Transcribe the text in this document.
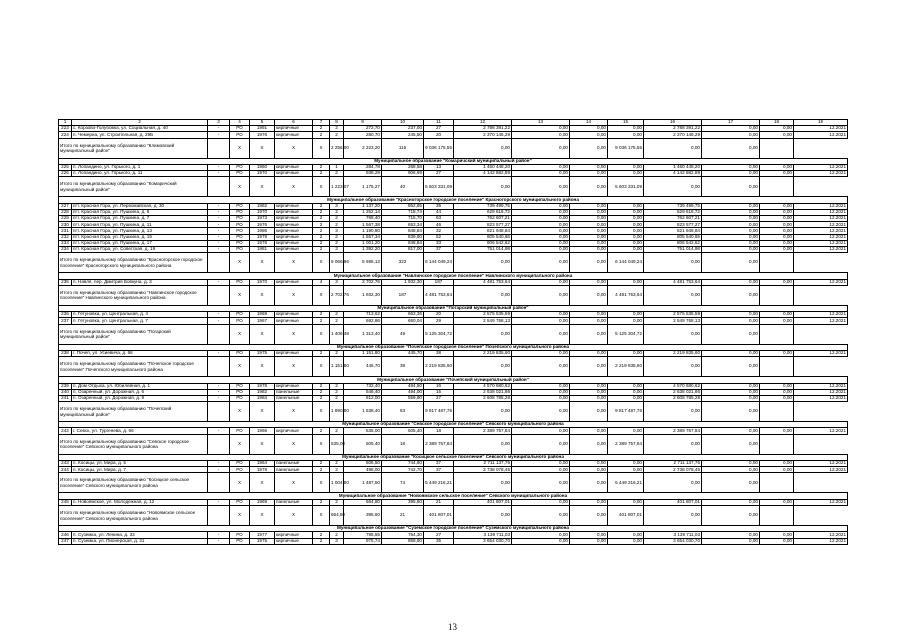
1	2	3	4	5	6	7	8	9	10	11	12	13	14	15	16	17	18	19
223	с. Корзово-Голубовка, ул. Социальная, д. 40	-	РО	1991	кирпичные	2	2	272,70	237,00	27	2 788 391,22	0,00	0,00	0,00	2 788 391,22	0,00	0,00	12.2021
224	п. Чемерна, ул. Строительная, д. 29Б	-	РО	1976	кирпичные	2	2	280,70	245,50	20	2 370 146,29	0,00	0,00	0,00	2 370 146,29	0,00	0,00	12.2021
Итого по муниципальному образованию "Климовский муниципальный район"			Х	Х	Х	Х	2 256,00	2 223,20	115	9 036 175,55	0,00	0,00	0,00	9 036 175,55	0,00	0,00		
Муниципальное образование "Комаричский муниципальный район"																		
225	п. Лопандино, ул. Горького, д. 1	-	РО	1960	кирпичные	2	1	284,78	268,58	13	1 460 448,20	0,00	0,00	0,00	1 460 448,20	0,00	0,00	12.2021
226	п. Лопандино, ул. Горького, д. 11	-	РО	1970	кирпичные	2	2	938,29	906,69	27	4 142 882,89	0,00	0,00	0,00	4 142 882,89	0,00	0,00	12.2021
Итого по муниципальному образованию "Комаричский муниципальный район"			Х	Х	Х	Х	1 223,07	1 175,27	40	5 603 331,09	0,00	0,00	0,00	5 603 331,09	0,00	0,00		
Муниципальное образование "Красногорское городское поселение" Красногорского муниципального района																		
227	пгт. Красная Гора, ул. Первомайская, д. 30	-	РО	1982	кирпичные	2	3	1 137,20	852,65	35	739 499,75	0,00	0,00	0,00	739 499,75	0,00	0,00	12.2021
228	пгт. Красная Гора, ул. Пушкина, д. 6	-	РО	1970	кирпичные	2	2	1 252,14	718,74	44	629 616,72	0,00	0,00	0,00	629 616,72	0,00	0,00	12.2021
229	пгт. Красная Гора, ул. Пушкина, д. 7	-	РО	1973	кирпичные	2	2	768,40	715,70	63	762 607,21	0,00	0,00	0,00	762 607,21	0,00	0,00	12.2021
230	пгт. Красная Гора, ул. Пушкина, д. 11	-	РО	1976	кирпичные	2	2	1 567,38	653,34	46	823 577,27	0,00	0,00	0,00	823 577,27	0,00	0,00	12.2021
231	пгт. Красная Гора, ул. Пушкина, д. 13	-	РО	1986	кирпичные	2	3	1 190,80	848,84	32	821 948,84	0,00	0,00	0,00	821 948,84	0,00	0,00	12.2021
232	пгт. Красная Гора, ул. Пушкина, д. 15	-	РО	1979	кирпичные	2	2	1 557,34	839,90	52	805 540,65	0,00	0,00	0,00	805 540,65	0,00	0,00	12.2021
233	пгт. Красная Гора, ул. Пушкина, д. 17	-	РО	1976	кирпичные	2	2	1 001,20	848,84	33	806 542,62	0,00	0,00	0,00	806 542,62	0,00	0,00	12.2021
234	пгт. Красная Гора, ул. Советская, д. 19	-	РО	1981	кирпичные	2	3	1 392,20	817,00	37	751 014,98	0,00	0,00	0,00	751 014,98	0,00	0,00	12.2021
Итого по муниципальному образованию "Красногорское городское поселение" Красногорского муниципального района			Х	Х	Х	Х	9 066,96	5 695,13	322	6 144 049,24	0,00	0,00	0,00	6 144 049,24	0,00	0,00		
Муниципальное образование "Навлинское городское поселение" Навлинского муниципального района																		
235	п. Навля, пер. Дмитрия Бовкуна, д. 3	-	РО	1970	кирпичные	4	3	2 702,76	1 932,30	187	4 481 753,64	0,00	0,00	0,00	4 481 753,64	0,00	0,00	12.2021
Итого по муниципальному образованию "Навлинское городское поселение" Навлинского муниципального района			Х	Х	Х	Х	2 702,76	1 932,30	187	4 481 753,64	0,00	0,00	0,00	4 481 753,64	0,00	0,00		
Муниципальное образование "Погарский муниципальный район"																		
236	п. Гетуновка, ул. Центральная, д. 4	-	РО	1969	кирпичные	2	2	713,62	663,36	20	2 575 535,59	0,00	0,00	0,00	2 575 535,59	0,00	0,00	12.2021
237	п. Гетуновка, ул. Центральная, д. 7	-	РО	1967	кирпичные	2	2	692,86	650,04	29	2 549 768,13	0,00	0,00	0,00	2 549 768,13	0,00	0,00	12.2021
Итого по муниципальному образованию "Погарский муниципальный район"			Х	Х	Х	Х	1 406,48	1 313,40	49	5 125 304,72	0,00	0,00	0,00	5 125 304,72	0,00	0,00		
Муниципальное образование "Почепское городское поселение" Почепского муниципального района																		
238	г. Почеп, ул. Усиевича, д. 66	-	РО	1975	кирпичные	2	2	1 151,80	445,70	38	2 219 835,60	0,00	0,00	0,00	2 219 835,60	0,00	0,00	12.2021
Итого по муниципальному образованию "Почепское городское поселение" Почепского муниципального района			Х	Х	Х	Х	1 151,80	445,70	38	2 219 835,60	0,00	0,00	0,00	2 219 835,60	0,00	0,00		
Муниципальное образование "Почепский муниципальный район"																		
239	п. Дом Отдыха, ул. Юбилейная, д. 1	-	РО	1978	кирпичные	2	2	732,40	484,50	16	4 570 680,62	0,00	0,00	0,00	4 570 680,62	0,00	0,00	12.2021
240	п. Озаренный, ул. Дорожная, д. 6	-	РО	1982	панельные	2	2	546,40	494,00	15	2 638 021,86	0,00	0,00	0,00	2 638 021,86	0,00	0,00	12.2021
241	п. Озаренный, ул. Дорожная, д. 9	-	РО	1984	панельные	2	2	612,00	559,90	27	2 608 785,28	0,00	0,00	0,00	2 608 785,28	0,00	0,00	12.2021
Итого по муниципальному образованию "Почепский муниципальный район"			Х	Х	Х	Х	1 890,80	1 538,40	63	9 817 487,76	0,00	0,00	0,00	9 817 487,76	0,00	0,00		
Муниципальное образование "Севское городское поселение" Севского муниципального района																		
242	г. Севск, ул. Тургенева, д. 66	-	РО	1966	кирпичные	2	2	535,00	505,40	18	2 389 757,84	0,00	0,00	0,00	2 389 757,84	0,00	0,00	12.2021
Итого по муниципальному образованию "Севское городское поселение" Севского муниципального района			Х	Х	Х	Х	535,00	505,40	18	2 389 757,84	0,00	0,00	0,00	2 389 757,84	0,00	0,00		
Муниципальное образование "Косицкое сельское поселение" Севского муниципального района																		
243	п. Косицы, ул. Мира, д. 5	-	РО	1964	панельные	2	2	506,50	744,80	37	2 711 137,76	0,00	0,00	0,00	2 711 137,76	0,00	0,00	12.2021
244	п. Косицы, ул. Мира, д. 7	-	РО	1978	панельные	2	2	498,00	742,70	37	2 738 078,45	0,00	0,00	0,00	2 738 078,45	0,00	0,00	12.2021
Итого по муниципальному образованию "Косицкое сельское поселение" Севского муниципального района			Х	Х	Х	Х	1 004,50	1 487,50	74	5 449 216,21	0,00	0,00	0,00	5 449 216,21	0,00	0,00		
Муниципальное образование "Новоямское сельское поселение" Севского муниципального района																		
245	п. Новоямское, ул. Молодежная, д. 12	-	РО	1969	панельные	2	2	664,80	395,60	21	401 807,01	0,00	0,00	0,00	401 807,01	0,00	0,00	12.2021
Итого по муниципальному образованию "Новоямское сельское поселение" Севского муниципального района			Х	Х	Х	Х	664,80	395,60	21	401 807,01	0,00	0,00	0,00	401 807,01	0,00	0,00		
Муниципальное образование "Суземское городское поселение" Суземского муниципального района																		
246	п. Суземка, ул. Ленина, д. 33	-	РО	1977	кирпичные	2	2	795,55	754,30	27	3 139 711,03	0,00	0,00	0,00	3 139 711,03	0,00	0,00	12.2021
247	п. Суземка, ул. Пионерская, д. 21	-	РО	1975	кирпичные	2	3	975,74	868,90	35	3 654 030,70	0,00	0,00	0,00	3 654 030,70	0,00	0,00	12.2021
13
